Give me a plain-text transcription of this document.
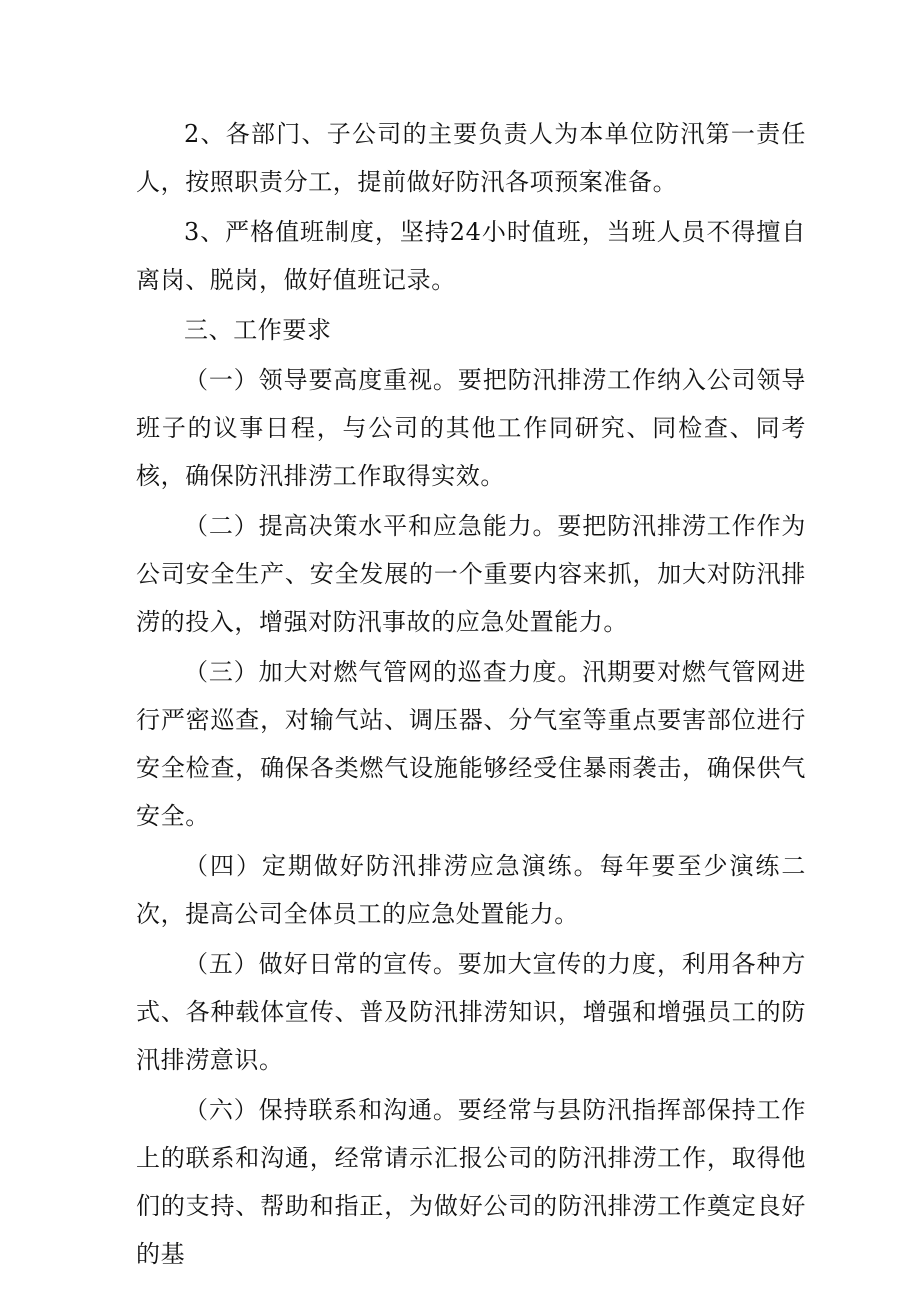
2、各部门、子公司的主要负责人为本单位防汛第一责任人，按照职责分工，提前做好防汛各项预案准备。

3、严格值班制度，坚持24小时值班，当班人员不得擅自离岗、脱岗，做好值班记录。

三、工作要求

（一）领导要高度重视。要把防汛排涝工作纳入公司领导班子的议事日程，与公司的其他工作同研究、同检查、同考核，确保防汛排涝工作取得实效。

（二）提高决策水平和应急能力。要把防汛排涝工作作为公司安全生产、安全发展的一个重要内容来抓，加大对防汛排涝的投入，增强对防汛事故的应急处置能力。

（三）加大对燃气管网的巡查力度。汛期要对燃气管网进行严密巡查，对输气站、调压器、分气室等重点要害部位进行安全检查，确保各类燃气设施能够经受住暴雨袭击，确保供气安全。

（四）定期做好防汛排涝应急演练。每年要至少演练二次，提高公司全体员工的应急处置能力。

（五）做好日常的宣传。要加大宣传的力度，利用各种方式、各种载体宣传、普及防汛排涝知识，增强和增强员工的防汛排涝意识。

（六）保持联系和沟通。要经常与县防汛指挥部保持工作上的联系和沟通，经常请示汇报公司的防汛排涝工作，取得他们的支持、帮助和指正，为做好公司的防汛排涝工作奠定良好的基
